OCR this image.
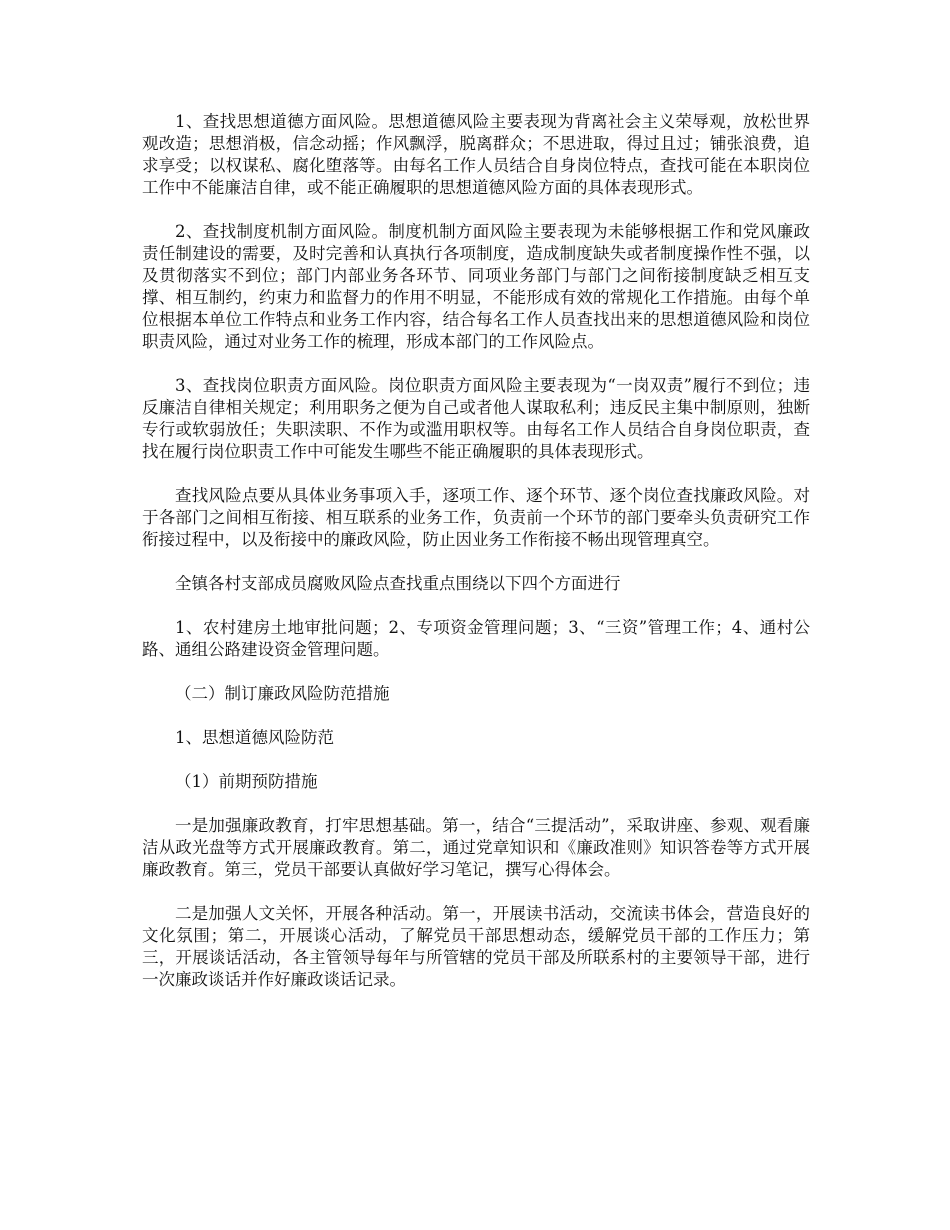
1、查找思想道德方面风险。思想道德风险主要表现为背离社会主义荣辱观，放松世界观改造；思想消极，信念动摇；作风飘浮，脱离群众；不思进取，得过且过；铺张浪费，追求享受；以权谋私、腐化堕落等。由每名工作人员结合自身岗位特点，查找可能在本职岗位工作中不能廉洁自律，或不能正确履职的思想道德风险方面的具体表现形式。

2、查找制度机制方面风险。制度机制方面风险主要表现为未能够根据工作和党风廉政责任制建设的需要，及时完善和认真执行各项制度，造成制度缺失或者制度操作性不强，以及贯彻落实不到位；部门内部业务各环节、同项业务部门与部门之间衔接制度缺乏相互支撑、相互制约，约束力和监督力的作用不明显，不能形成有效的常规化工作措施。由每个单位根据本单位工作特点和业务工作内容，结合每名工作人员查找出来的思想道德风险和岗位职责风险，通过对业务工作的梳理，形成本部门的工作风险点。

3、查找岗位职责方面风险。岗位职责方面风险主要表现为“一岗双责”履行不到位；违反廉洁自律相关规定；利用职务之便为自己或者他人谋取私利；违反民主集中制原则，独断专行或软弱放任；失职渎职、不作为或滥用职权等。由每名工作人员结合自身岗位职责，查找在履行岗位职责工作中可能发生哪些不能正确履职的具体表现形式。

查找风险点要从具体业务事项入手，逐项工作、逐个环节、逐个岗位查找廉政风险。对于各部门之间相互衔接、相互联系的业务工作，负责前一个环节的部门要牵头负责研究工作衔接过程中，以及衔接中的廉政风险，防止因业务工作衔接不畅出现管理真空。

全镇各村支部成员腐败风险点查找重点围绕以下四个方面进行

1、农村建房土地审批问题；2、专项资金管理问题；3、“三资”管理工作；4、通村公路、通组公路建设资金管理问题。

（二）制订廉政风险防范措施

1、思想道德风险防范

（1）前期预防措施

一是加强廉政教育，打牢思想基础。第一，结合“三提活动”，采取讲座、参观、观看廉洁从政光盘等方式开展廉政教育。第二，通过党章知识和《廉政准则》知识答卷等方式开展廉政教育。第三，党员干部要认真做好学习笔记，撰写心得体会。

二是加强人文关怀，开展各种活动。第一，开展读书活动，交流读书体会，营造良好的文化氛围；第二，开展谈心活动，了解党员干部思想动态，缓解党员干部的工作压力；第三，开展谈话活动，各主管领导每年与所管辖的党员干部及所联系村的主要领导干部，进行一次廉政谈话并作好廉政谈话记录。
